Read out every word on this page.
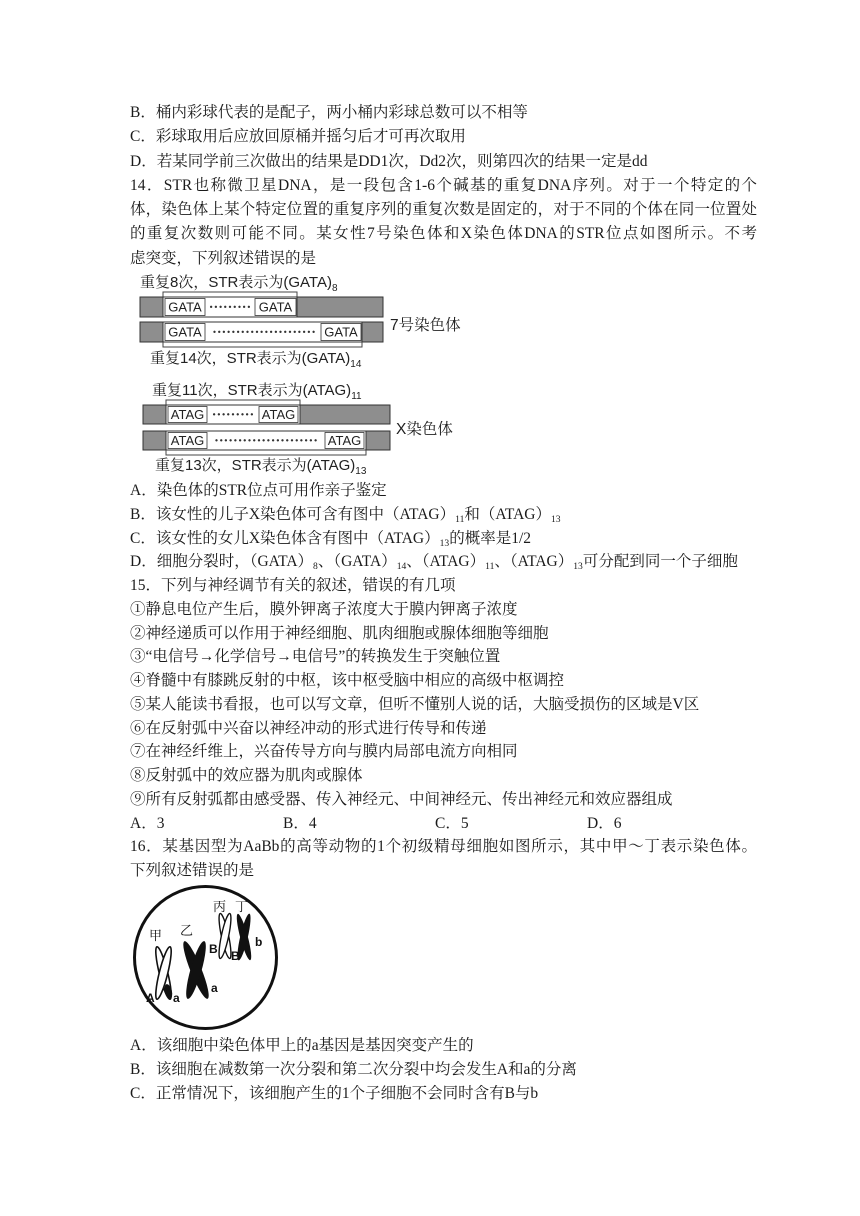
B．桶内彩球代表的是配子，两小桶内彩球总数可以不相等
C．彩球取用后应放回原桶并摇匀后才可再次取用
D．若某同学前三次做出的结果是DD1次，Dd2次，则第四次的结果一定是dd
14．STR也称微卫星DNA，是一段包含1-6个碱基的重复DNA序列。对于一个特定的个
体，染色体上某个特定位置的重复序列的重复次数是固定的，对于不同的个体在同一位置处
的重复次数则可能不同。某女性7号染色体和X染色体DNA的STR位点如图所示。不考
虑突变，下列叙述错误的是
重复8次，STR表示为$(GATA)_8$
GATA ••••••••• GATA
GATA •••••••••••••••••••••• GATA 7号染色体
重复14次，STR表示为$(GATA)_{14}$
重复11次，STR表示为$(ATAG)_{11}$
ATAG ••••••••• ATAG
ATAG •••••••••••••••••••••• ATAG
X染色体
重复13次，STR表示为$(ATAG)_{13}$
A．染色体的STR位点可用作亲子鉴定
B．该女性的儿子X染色体可含有图中$(ATAG)_{11}$和$(ATAG)_{13}$
C．该女性的女儿X染色体含有图中$(ATAG)_{13}$的概率是1/2
D．细胞分裂时，$(GATA)_8$、$(GATA)_{14}$、$(ATAG)_{11}$、$(ATAG)_{13}$可分配到同一个子细胞
15．下列与神经调节有关的叙述，错误的有几项
①静息电位产生后，膜外钾离子浓度大于膜内钾离子浓度
②神经递质可以作用于神经细胞、肌肉细胞或腺体细胞等细胞
③“电信号→化学信号→电信号”的转换发生于突触位置
④脊髓中有膝跳反射的中枢，该中枢受脑中相应的高级中枢调控
⑤某人能读书看报，也可以写文章，但听不懂别人说的话，大脑受损伤的区域是V区
⑥在反射弧中兴奋以神经冲动的形式进行传导和传递
⑦在神经纤维上，兴奋传导方向与膜内局部电流方向相同
⑧反射弧中的效应器为肌肉或腺体
⑨所有反射弧都由感受器、传入神经元、中间神经元、传出神经元和效应器组成
A．3	B．4	C．5	D．6
16．某基因型为AaBb的高等动物的1个初级精母细胞如图所示，其中甲～丁表示染色体。
下列叙述错误的是
甲 乙
丙 丁
A a
a
B B
b
A．该细胞中染色体甲上的a基因是基因突变产生的
B．该细胞在减数第一次分裂和第二次分裂中均会发生A和a的分离
C．正常情况下，该细胞产生的1个子细胞不会同时含有B与b
